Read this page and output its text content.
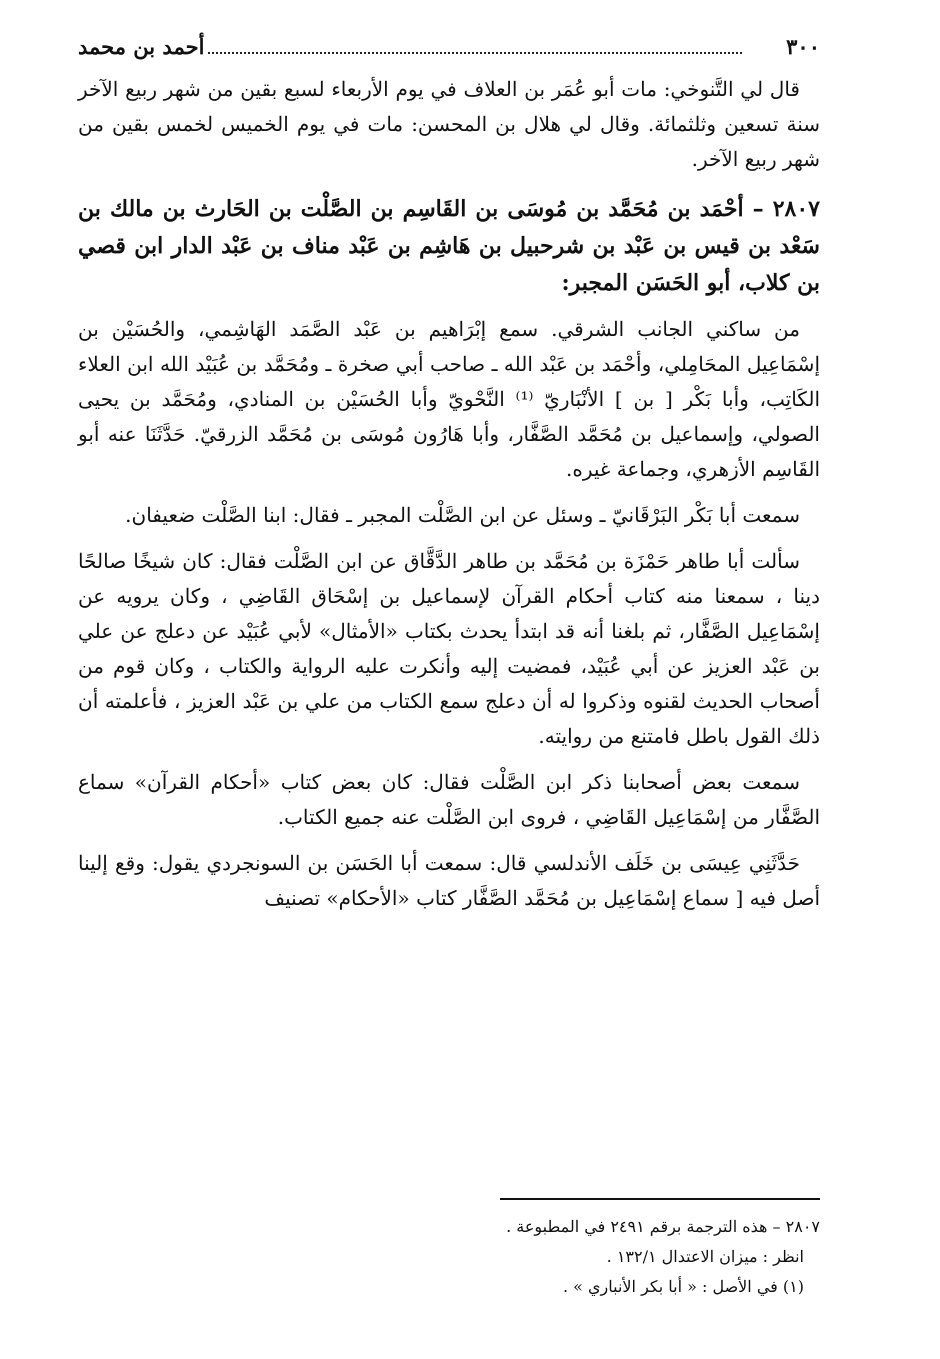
٣٠٠
أحمد بن محمد

قال لي التَّنوخي: مات أبو عُمَر بن العلاف في يوم الأربعاء لسبع بقين من شهر ربيع الآخر سنة تسعين وثلثمائة. وقال لي هلال بن المحسن: مات في يوم الخميس لخمس بقين من شهر ربيع الآخر.

٢٨٠٧ – أحْمَد بن مُحَمَّد بن مُوسَى بن القَاسِم بن الصَّلْت بن الحَارث بن مالك بن سَعْد بن قيس بن عَبْد بن شرحبيل بن هَاشِم بن عَبْد مناف بن عَبْد الدار ابن قصي بن كلاب، أبو الحَسَن المجبر:

من ساكني الجانب الشرقي. سمع إبْرَاهيم بن عَبْد الصَّمَد الهَاشِمي، والحُسَيْن بن إسْمَاعِيل المحَامِلي، وأحْمَد بن عَبْد الله ـ صاحب أبي صخرة ـ ومُحَمَّد بن عُبَيْد الله ابن العلاء الكَاتِب، وأبا بَكْر [ بن ] الأنْبَاريّ ⁽¹⁾ النَّحْويّ وأبا الحُسَيْن بن المنادي، ومُحَمَّد بن يحيى الصولي، وإسماعيل بن مُحَمَّد الصَّفَّار، وأبا هَارُون مُوسَى بن مُحَمَّد الزرقيّ. حَدَّثَنَا عنه أبو القَاسِم الأزهري، وجماعة غيره.

سمعت أبا بَكْر البَرْقَانيّ ـ وسئل عن ابن الصَّلْت المجبر ـ فقال: ابنا الصَّلْت ضعيفان.

سألت أبا طاهر حَمْزَة بن مُحَمَّد بن طاهر الدَّقَّاق عن ابن الصَّلْت فقال: كان شيخًا صالحًا دينا ، سمعنا منه كتاب أحكام القرآن لإسماعيل بن إسْحَاق القَاضِي ، وكان يرويه عن إسْمَاعِيل الصَّفَّار، ثم بلغنا أنه قد ابتدأ يحدث بكتاب «الأمثال» لأبي عُبَيْد عن دعلج عن علي بن عَبْد العزيز عن أبي عُبَيْد، فمضيت إليه وأنكرت عليه الرواية والكتاب ، وكان قوم من أصحاب الحديث لقنوه وذكروا له أن دعلج سمع الكتاب من علي بن عَبْد العزيز ، فأعلمته أن ذلك القول باطل فامتنع من روايته.

سمعت بعض أصحابنا ذكر ابن الصَّلْت فقال: كان بعض كتاب «أحكام القرآن» سماع الصَّفَّار من إسْمَاعِيل القَاضِي ، فروى ابن الصَّلْت عنه جميع الكتاب.

حَدَّثَنِي عِيسَى بن خَلَف الأندلسي قال: سمعت أبا الحَسَن بن السونجردي يقول: وقع إلينا أصل فيه [ سماع إسْمَاعِيل بن مُحَمَّد الصَّفَّار كتاب «الأحكام» تصنيف

٢٨٠٧ – هذه الترجمة برقم ٢٤٩١ في المطبوعة .

انظر : ميزان الاعتدال ١٣٢/١ .

(١) في الأصل : « أبا بكر الأنباري » .
